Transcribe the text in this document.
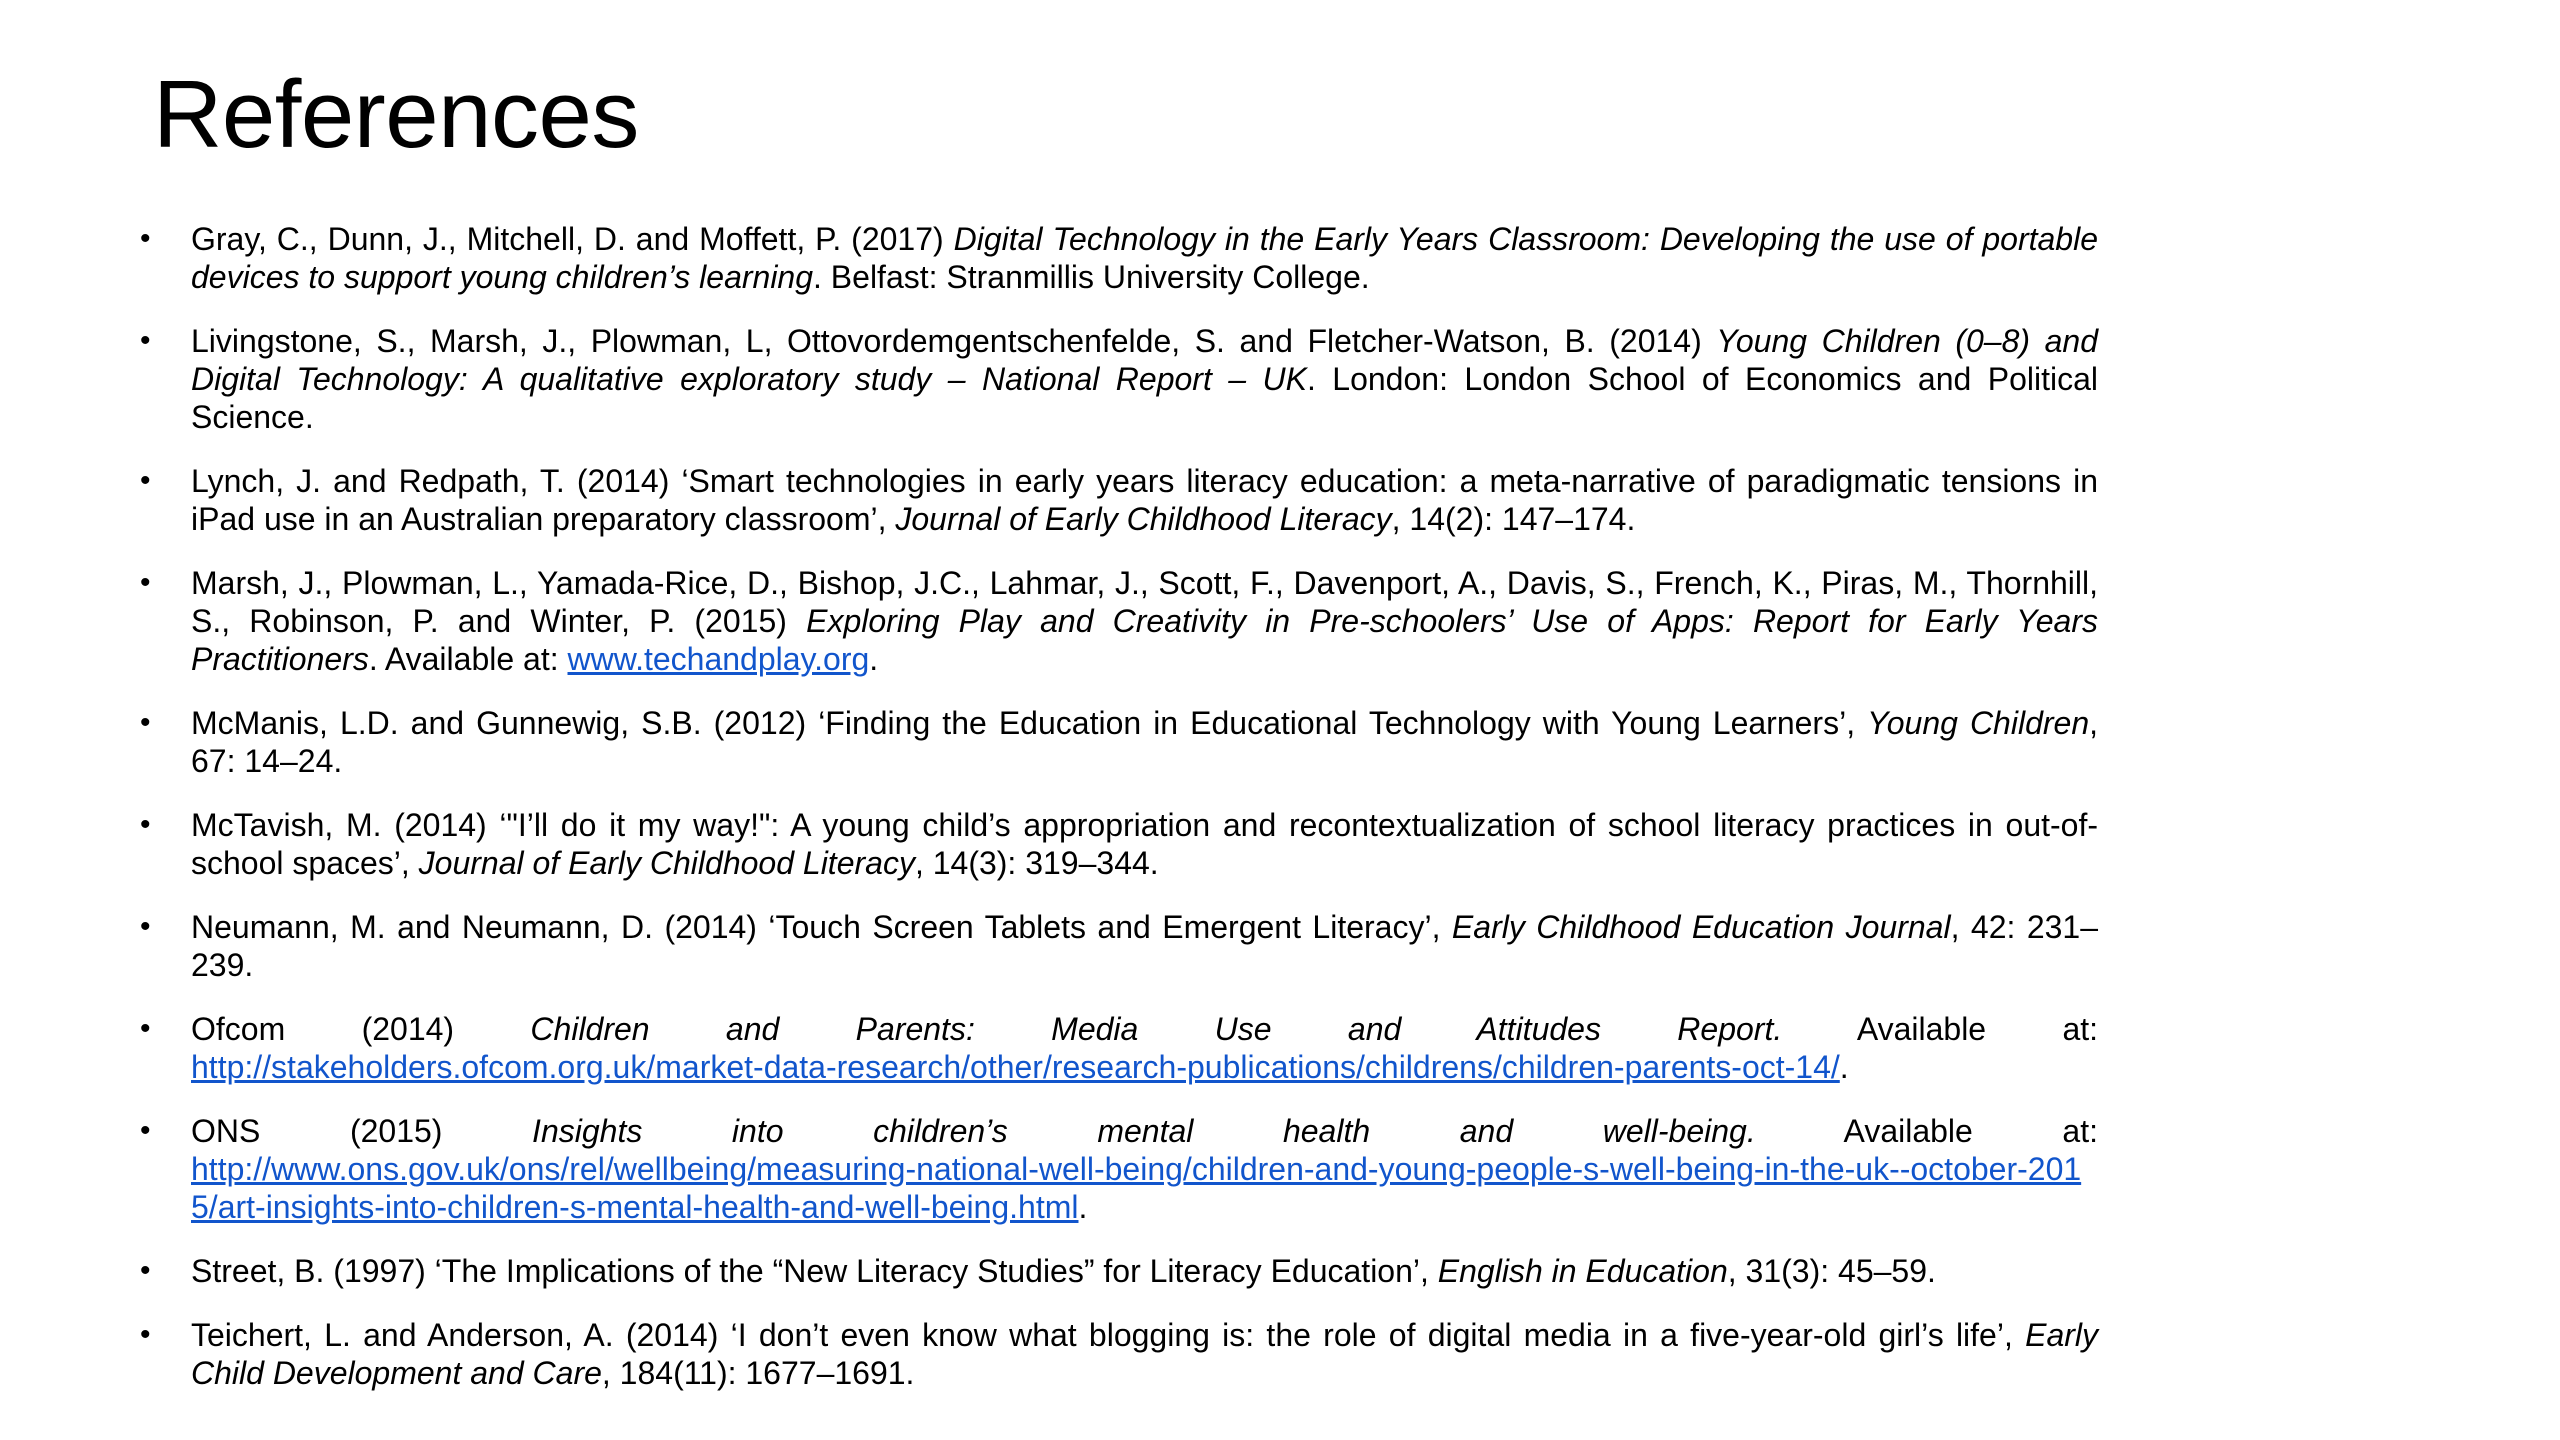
References
• Gray, C., Dunn, J., Mitchell, D. and Moffett, P. (2017) Digital Technology in the Early Years Classroom: Developing the use of portable devices to support young children’s learning. Belfast: Stranmillis University College.
• Livingstone, S., Marsh, J., Plowman, L, Ottovordemgentschenfelde, S. and Fletcher-Watson, B. (2014) Young Children (0–8) and Digital Technology: A qualitative exploratory study – National Report – UK. London: London School of Economics and Political Science.
• Lynch, J. and Redpath, T. (2014) ‘Smart technologies in early years literacy education: a meta-narrative of paradigmatic tensions in iPad use in an Australian preparatory classroom’, Journal of Early Childhood Literacy, 14(2): 147–174.
• Marsh, J., Plowman, L., Yamada-Rice, D., Bishop, J.C., Lahmar, J., Scott, F., Davenport, A., Davis, S., French, K., Piras, M., Thornhill, S., Robinson, P. and Winter, P. (2015) Exploring Play and Creativity in Pre-schoolers’ Use of Apps: Report for Early Years Practitioners. Available at: www.techandplay.org.
• McManis, L.D. and Gunnewig, S.B. (2012) ‘Finding the Education in Educational Technology with Young Learners’, Young Children, 67: 14–24.
• McTavish, M. (2014) ‘"I’ll do it my way!": A young child’s appropriation and recontextualization of school literacy practices in out-of-school spaces’, Journal of Early Childhood Literacy, 14(3): 319–344.
• Neumann, M. and Neumann, D. (2014) ‘Touch Screen Tablets and Emergent Literacy’, Early Childhood Education Journal, 42: 231–239.
• Ofcom (2014) Children and Parents: Media Use and Attitudes Report. Available at:
http://stakeholders.ofcom.org.uk/market-data-research/other/research-publications/childrens/children-parents-oct-14/.
• ONS (2015) Insights into children’s mental health and well-being. Available at:
http://www.ons.gov.uk/ons/rel/wellbeing/measuring-national-well-being/children-and-young-people-s-well-being-in-the-uk--october-2015/art-insights-into-children-s-mental-health-and-well-being.html.
• Street, B. (1997) ‘The Implications of the “New Literacy Studies” for Literacy Education’, English in Education, 31(3): 45–59.
• Teichert, L. and Anderson, A. (2014) ‘I don’t even know what blogging is: the role of digital media in a five-year-old girl’s life’, Early Child Development and Care, 184(11): 1677–1691.
